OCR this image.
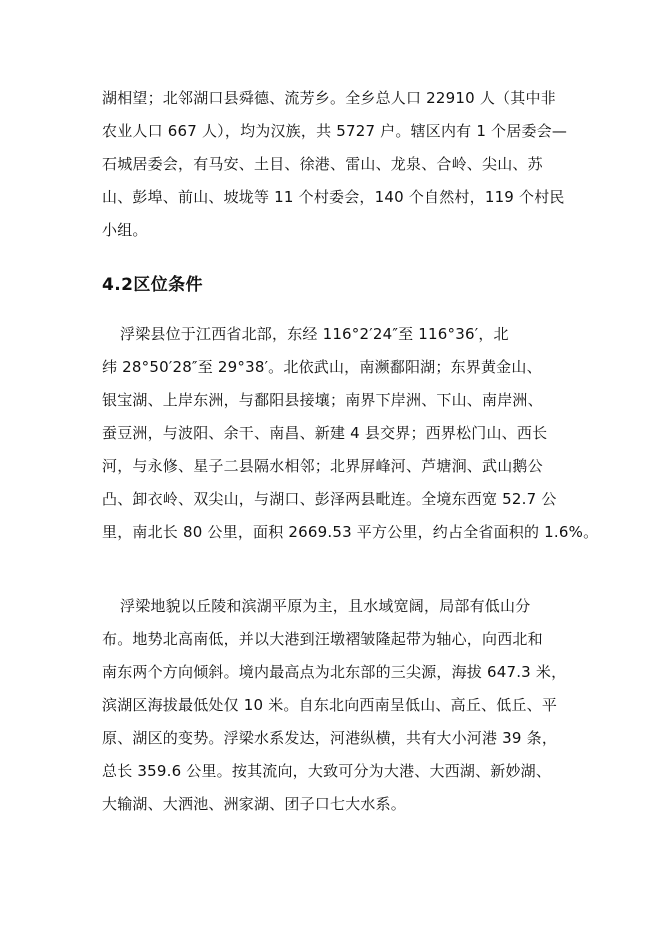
湖相望；北邻湖口县舜德、流芳乡。全乡总人口 22910 人（其中非
农业人口 667 人），均为汉族，共 5727 户。辖区内有 1 个居委会—
石城居委会，有马安、土目、徐港、雷山、龙泉、合岭、尖山、苏
山、彭埠、前山、坡垅等 11 个村委会，140 个自然村，119 个村民
小组。
4.2区位条件
浮梁县位于江西省北部，东经 116°2′24″至 116°36′，北
纬 28°50′28″至 29°38′。北依武山，南濒鄱阳湖；东界黄金山、
银宝湖、上岸东洲，与鄱阳县接壤；南界下岸洲、下山、南岸洲、
蚕豆洲，与波阳、余干、南昌、新建 4 县交界；西界松门山、西长
河，与永修、星子二县隔水相邻；北界屏峰河、芦塘涧、武山鹅公
凸、卸衣岭、双尖山，与湖口、彭泽两县毗连。全境东西宽 52.7 公
里，南北长 80 公里，面积 2669.53 平方公里，约占全省面积的 1.6%。
浮梁地貌以丘陵和滨湖平原为主，且水域宽阔，局部有低山分
布。地势北高南低，并以大港到汪墩褶皱隆起带为轴心，向西北和
南东两个方向倾斜。境内最高点为北东部的三尖源，海拔 647.3 米，
滨湖区海拔最低处仅 10 米。自东北向西南呈低山、高丘、低丘、平
原、湖区的变势。浮梁水系发达，河港纵横，共有大小河港 39 条，
总长 359.6 公里。按其流向，大致可分为大港、大西湖、新妙湖、
大输湖、大洒池、洲家湖、团子口七大水系。
